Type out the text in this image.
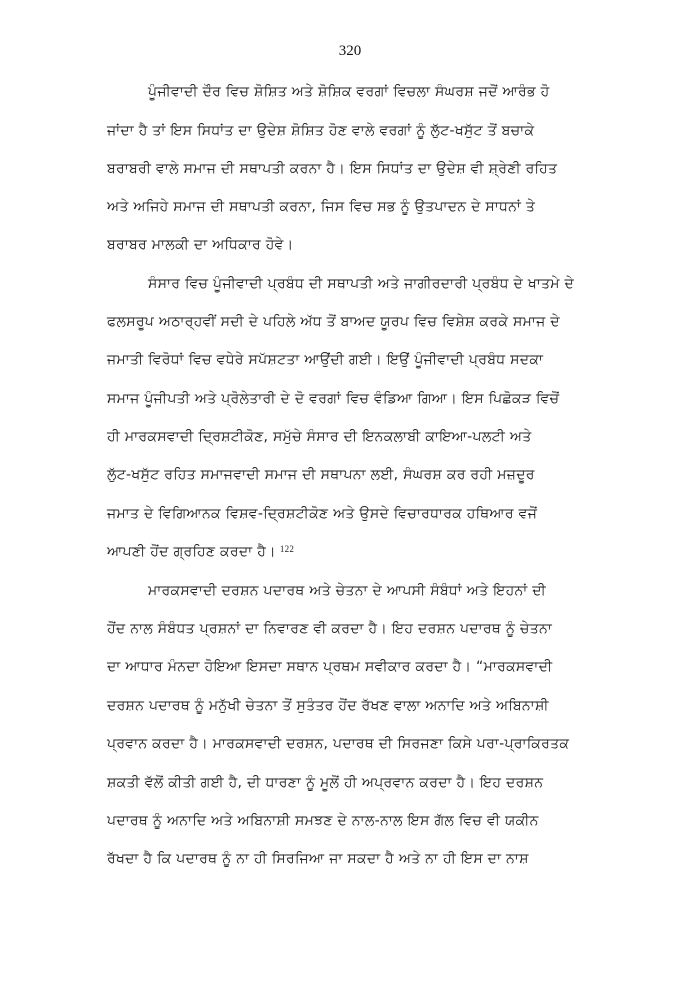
320
ਪੂੰਜੀਵਾਦੀ ਦੌਰ ਵਿਚ ਸ਼ੋਸ਼ਿਤ ਅਤੇ ਸ਼ੋਸ਼ਿਕ ਵਰਗਾਂ ਵਿਚਲਾ ਸੰਘਰਸ਼ ਜਦੋਂ ਆਰੰਭ ਹੋ
ਜਾਂਦਾ ਹੈ ਤਾਂ ਇਸ ਸਿਧਾਂਤ ਦਾ ਉਦੇਸ਼ ਸ਼ੋਸ਼ਿਤ ਹੋਣ ਵਾਲੇ ਵਰਗਾਂ ਨੂੰ ਲੁੱਟ-ਖਸੁੱਟ ਤੋਂ ਬਚਾਕੇ
ਬਰਾਬਰੀ ਵਾਲੇ ਸਮਾਜ ਦੀ ਸਥਾਪਤੀ ਕਰਨਾ ਹੈ। ਇਸ ਸਿਧਾਂਤ ਦਾ ਉਦੇਸ਼ ਵੀ ਸ਼੍ਰੇਣੀ ਰਹਿਤ
ਅਤੇ ਅਜਿਹੇ ਸਮਾਜ ਦੀ ਸਥਾਪਤੀ ਕਰਨਾ, ਜਿਸ ਵਿਚ ਸਭ ਨੂੰ ਉਤਪਾਦਨ ਦੇ ਸਾਧਨਾਂ ਤੇ
ਬਰਾਬਰ ਮਾਲਕੀ ਦਾ ਅਧਿਕਾਰ ਹੋਵੇ।
ਸੰਸਾਰ ਵਿਚ ਪੂੰਜੀਵਾਦੀ ਪ੍ਰਬੰਧ ਦੀ ਸਥਾਪਤੀ ਅਤੇ ਜਾਗੀਰਦਾਰੀ ਪ੍ਰਬੰਧ ਦੇ ਖਾਤਮੇ ਦੇ
ਫਲਸਰੂਪ ਅਠਾਰ੍ਹਵੀਂ ਸਦੀ ਦੇ ਪਹਿਲੇ ਅੱਧ ਤੋਂ ਬਾਅਦ ਯੂਰਪ ਵਿਚ ਵਿਸ਼ੇਸ਼ ਕਰਕੇ ਸਮਾਜ ਦੇ
ਜਮਾਤੀ ਵਿਰੋਧਾਂ ਵਿਚ ਵਧੇਰੇ ਸਪੱਸ਼ਟਤਾ ਆਉਂਦੀ ਗਈ। ਇਉਂ ਪੂੰਜੀਵਾਦੀ ਪ੍ਰਬੰਧ ਸਦਕਾ
ਸਮਾਜ ਪੂੰਜੀਪਤੀ ਅਤੇ ਪ੍ਰੋਲੇਤਾਰੀ ਦੇ ਦੋ ਵਰਗਾਂ ਵਿਚ ਵੰਡਿਆ ਗਿਆ। ਇਸ ਪਿਛੋਕੜ ਵਿਚੋਂ
ਹੀ ਮਾਰਕਸਵਾਦੀ ਦ੍ਰਿਸ਼ਟੀਕੋਣ, ਸਮੁੱਚੇ ਸੰਸਾਰ ਦੀ ਇਨਕਲਾਬੀ ਕਾਇਆ-ਪਲਟੀ ਅਤੇ
ਲੁੱਟ-ਖਸੁੱਟ ਰਹਿਤ ਸਮਾਜਵਾਦੀ ਸਮਾਜ ਦੀ ਸਥਾਪਨਾ ਲਈ, ਸੰਘਰਸ਼ ਕਰ ਰਹੀ ਮਜ਼ਦੂਰ
ਜਮਾਤ ਦੇ ਵਿਗਿਆਨਕ ਵਿਸ਼ਵ-ਦ੍ਰਿਸ਼ਟੀਕੋਣ ਅਤੇ ਉਸਦੇ ਵਿਚਾਰਧਾਰਕ ਹਥਿਆਰ ਵਜੋਂ
ਆਪਣੀ ਹੋਂਦ ਗ੍ਰਹਿਣ ਕਰਦਾ ਹੈ। 122
ਮਾਰਕਸਵਾਦੀ ਦਰਸ਼ਨ ਪਦਾਰਥ ਅਤੇ ਚੇਤਨਾ ਦੇ ਆਪਸੀ ਸੰਬੰਧਾਂ ਅਤੇ ਇਹਨਾਂ ਦੀ
ਹੋਂਦ ਨਾਲ ਸੰਬੰਧਤ ਪ੍ਰਸ਼ਨਾਂ ਦਾ ਨਿਵਾਰਣ ਵੀ ਕਰਦਾ ਹੈ। ਇਹ ਦਰਸ਼ਨ ਪਦਾਰਥ ਨੂੰ ਚੇਤਨਾ
ਦਾ ਆਧਾਰ ਮੰਨਦਾ ਹੋਇਆ ਇਸਦਾ ਸਥਾਨ ਪ੍ਰਥਮ ਸਵੀਕਾਰ ਕਰਦਾ ਹੈ। “ਮਾਰਕਸਵਾਦੀ
ਦਰਸ਼ਨ ਪਦਾਰਥ ਨੂੰ ਮਨੁੱਖੀ ਚੇਤਨਾ ਤੋਂ ਸੁਤੰਤਰ ਹੋਂਦ ਰੱਖਣ ਵਾਲਾ ਅਨਾਦਿ ਅਤੇ ਅਬਿਨਾਸ਼ੀ
ਪ੍ਰਵਾਨ ਕਰਦਾ ਹੈ। ਮਾਰਕਸਵਾਦੀ ਦਰਸ਼ਨ, ਪਦਾਰਥ ਦੀ ਸਿਰਜਣਾ ਕਿਸੇ ਪਰਾ-ਪ੍ਰਾਕਿਰਤਕ
ਸ਼ਕਤੀ ਵੱਲੋਂ ਕੀਤੀ ਗਈ ਹੈ, ਦੀ ਧਾਰਣਾ ਨੂੰ ਮੂਲੋਂ ਹੀ ਅਪ੍ਰਵਾਨ ਕਰਦਾ ਹੈ। ਇਹ ਦਰਸ਼ਨ
ਪਦਾਰਥ ਨੂੰ ਅਨਾਦਿ ਅਤੇ ਅਬਿਨਾਸ਼ੀ ਸਮਝਣ ਦੇ ਨਾਲ-ਨਾਲ ਇਸ ਗੱਲ ਵਿਚ ਵੀ ਯਕੀਨ
ਰੱਖਦਾ ਹੈ ਕਿ ਪਦਾਰਥ ਨੂੰ ਨਾ ਹੀ ਸਿਰਜਿਆ ਜਾ ਸਕਦਾ ਹੈ ਅਤੇ ਨਾ ਹੀ ਇਸ ਦਾ ਨਾਸ਼
